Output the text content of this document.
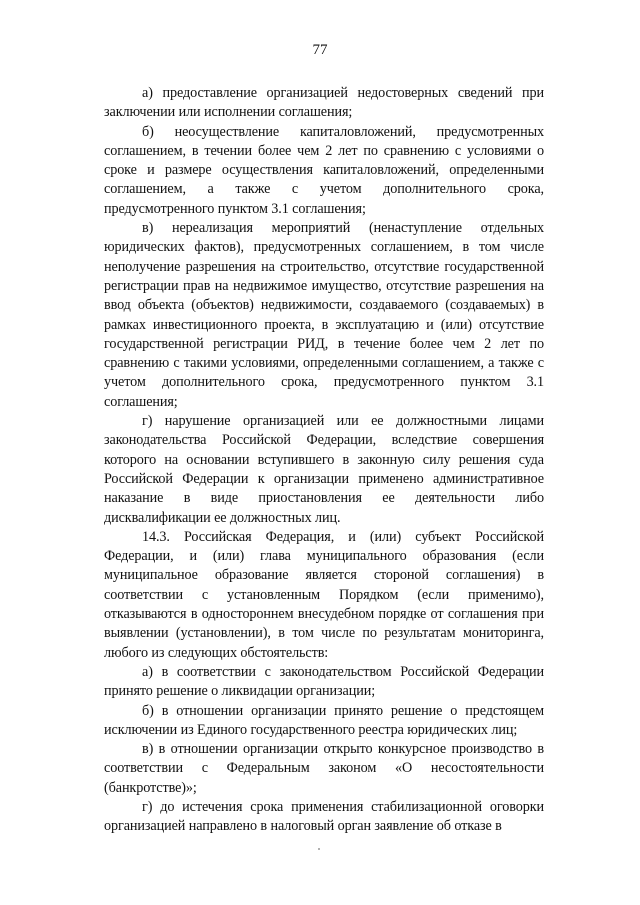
77

а) предоставление организацией недостоверных сведений при заключении или исполнении соглашения;

б) неосуществление капиталовложений, предусмотренных соглашением, в течении более чем 2 лет по сравнению с условиями о сроке и размере осуществления капиталовложений, определенными соглашением, а также с учетом дополнительного срока, предусмотренного пунктом 3.1 соглашения;

в) нереализация мероприятий (ненаступление отдельных юридических фактов), предусмотренных соглашением, в том числе неполучение разрешения на строительство, отсутствие государственной регистрации прав на недвижимое имущество, отсутствие разрешения на ввод объекта (объектов) недвижимости, создаваемого (создаваемых) в рамках инвестиционного проекта, в эксплуатацию и (или) отсутствие государственной регистрации РИД, в течение более чем 2 лет по сравнению с такими условиями, определенными соглашением, а также с учетом дополнительного срока, предусмотренного пунктом 3.1 соглашения;

г) нарушение организацией или ее должностными лицами законодательства Российской Федерации, вследствие совершения которого на основании вступившего в законную силу решения суда Российской Федерации к организации применено административное наказание в виде приостановления ее деятельности либо дисквалификации ее должностных лиц.

14.3. Российская Федерация, и (или) субъект Российской Федерации, и (или) глава муниципального образования (если муниципальное образование является стороной соглашения) в соответствии с установленным Порядком (если применимо), отказываются в одностороннем внесудебном порядке от соглашения при выявлении (установлении), в том числе по результатам мониторинга, любого из следующих обстоятельств:

а) в соответствии с законодательством Российской Федерации принято решение о ликвидации организации;

б) в отношении организации принято решение о предстоящем исключении из Единого государственного реестра юридических лиц;

в) в отношении организации открыто конкурсное производство в соответствии с Федеральным законом «О несостоятельности (банкротстве)»;

г) до истечения срока применения стабилизационной оговорки организацией направлено в налоговый орган заявление об отказе в
